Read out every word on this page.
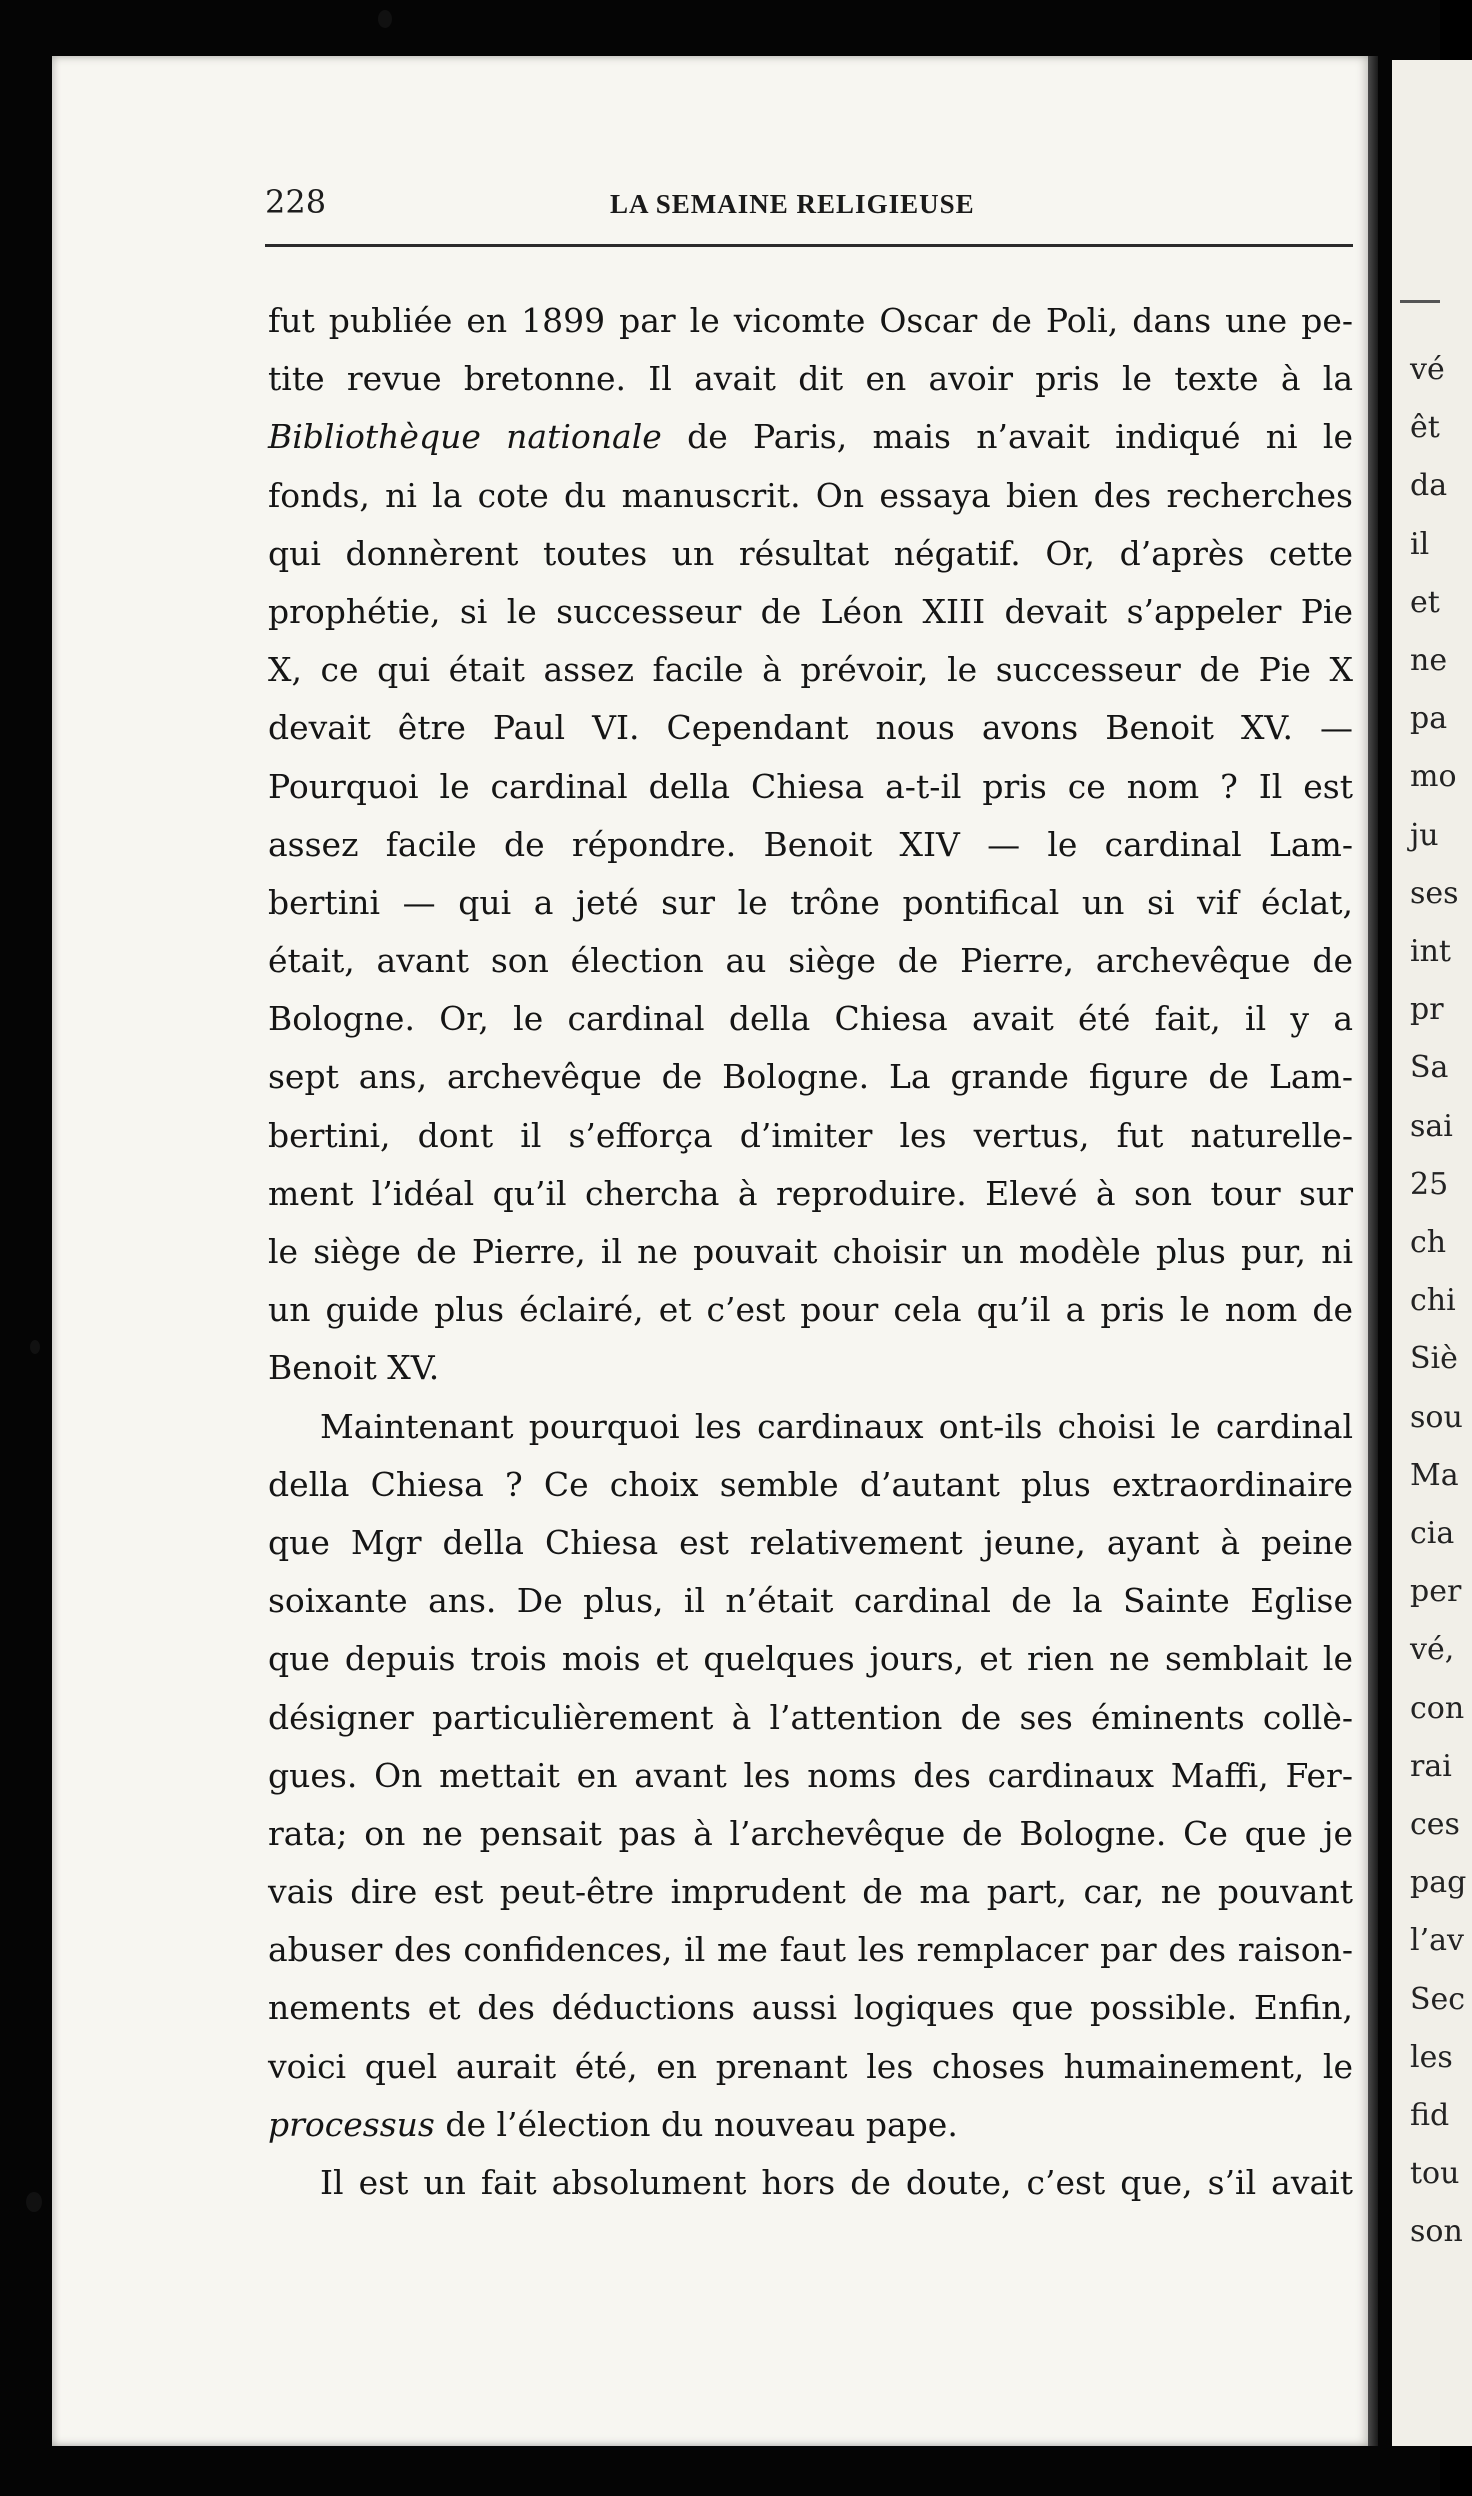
vé
êt
da
il
et
ne
pa
mo
ju
ses
int
pr
Sa
sai
25
ch
chi
Siè
sou
Ma
cia
per
vé,
con
rai
ces
pag
l’av
Sec
les
fid
tou
son
228	LA SEMAINE RELIGIEUSE
fut publiée en 1899 par le vicomte Oscar de Poli, dans une pe-
tite revue bretonne. Il avait dit en avoir pris le texte à la
Bibliothèque nationale de Paris, mais n’avait indiqué ni le
fonds, ni la cote du manuscrit. On essaya bien des recherches
qui donnèrent toutes un résultat négatif. Or, d’après cette
prophétie, si le successeur de Léon XIII devait s’appeler Pie
X, ce qui était assez facile à prévoir, le successeur de Pie X
devait être Paul VI. Cependant nous avons Benoit XV. —
Pourquoi le cardinal della Chiesa a-t-il pris ce nom ? Il est
assez facile de répondre. Benoit XIV — le cardinal Lam-
bertini — qui a jeté sur le trône pontifical un si vif éclat,
était, avant son élection au siège de Pierre, archevêque de
Bologne. Or, le cardinal della Chiesa avait été fait, il y a
sept ans, archevêque de Bologne. La grande figure de Lam-
bertini, dont il s’efforça d’imiter les vertus, fut naturelle-
ment l’idéal qu’il chercha à reproduire. Elevé à son tour sur
le siège de Pierre, il ne pouvait choisir un modèle plus pur, ni
un guide plus éclairé, et c’est pour cela qu’il a pris le nom de
Benoit XV.
Maintenant pourquoi les cardinaux ont-ils choisi le cardinal
della Chiesa ? Ce choix semble d’autant plus extraordinaire
que Mgr della Chiesa est relativement jeune, ayant à peine
soixante ans. De plus, il n’était cardinal de la Sainte Eglise
que depuis trois mois et quelques jours, et rien ne semblait le
désigner particulièrement à l’attention de ses éminents collè-
gues. On mettait en avant les noms des cardinaux Maffi, Fer-
rata; on ne pensait pas à l’archevêque de Bologne. Ce que je
vais dire est peut-être imprudent de ma part, car, ne pouvant
abuser des confidences, il me faut les remplacer par des raison-
nements et des déductions aussi logiques que possible. Enfin,
voici quel aurait été, en prenant les choses humainement, le
processus de l’élection du nouveau pape.
Il est un fait absolument hors de doute, c’est que, s’il avait
